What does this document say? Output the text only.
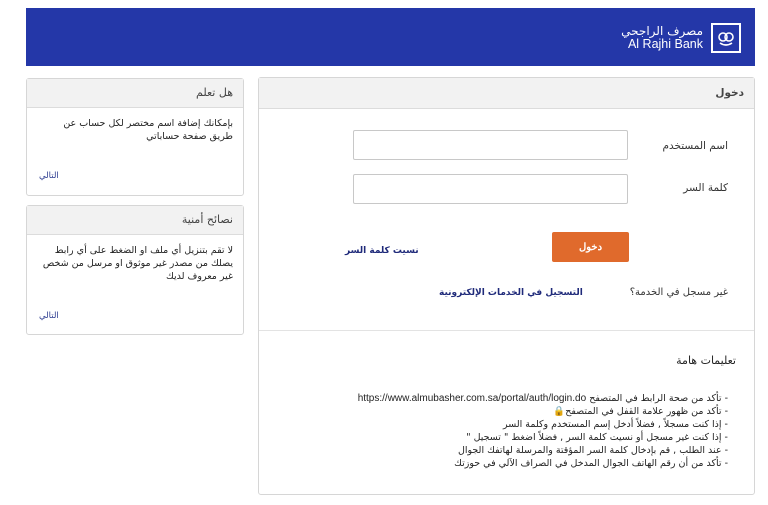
مصرف الراجحي
Al Rajhi Bank
هل تعلم
بإمكانك إضافة اسم مختصر لكل حساب عن طريق صفحة حساباتي
التالي
نصائح أمنية
لا تقم بتنزيل أي ملف او الضغط على أي رابط يصلك من مصدر غير موثوق او مرسل من شخص غير معروف لديك
التالي
دخول
اسم المستخدم
كلمة السر
دخول
نسيت كلمة السر
غير مسجل في الخدمة؟
التسجيل في الخدمات الإلكترونية
تعليمات هامة
- تأكد من صحة الرابط في المتصفح https://www.almubasher.com.sa/portal/auth/login.do
- تأكد من ظهور علامة القفل في المتصفح🔒
- إذا كنت مسجلاً , فضلاً أدخل إسم المستخدم وكلمة السر
- إذا كنت غير مسجل أو نسيت كلمة السر , فضلاً اضغط " تسجيل "
- عند الطلب , قم بإدخال كلمة السر المؤقتة والمرسلة لهاتفك الجوال
- تأكد من أن رقم الهاتف الجوال المدخل في الصراف الآلي في حوزتك
